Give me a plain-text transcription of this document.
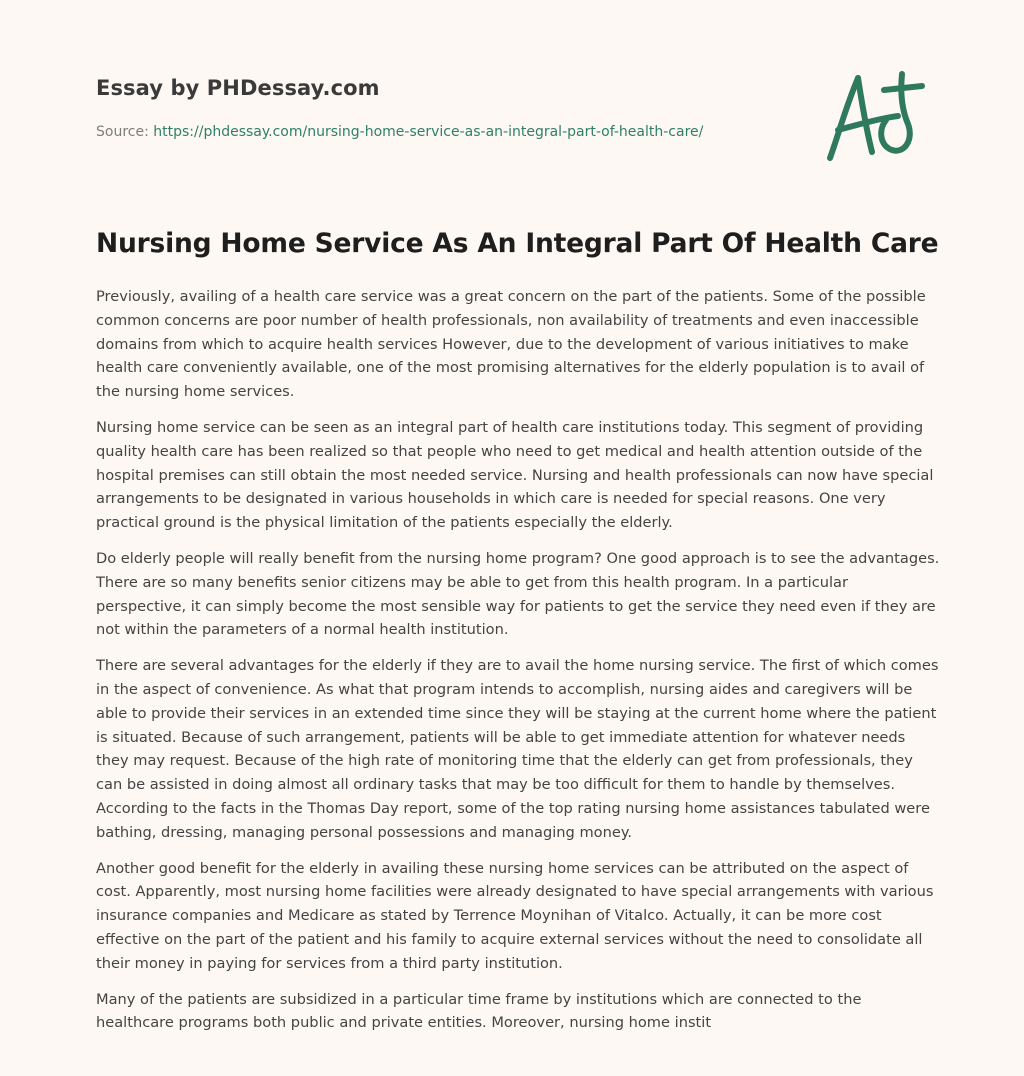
Essay by PHDessay.com
Source: https://phdessay.com/nursing-home-service-as-an-integral-part-of-health-care/
Nursing Home Service As An Integral Part Of Health Care

Previously, availing of a health care service was a great concern on the part of the patients. Some of the possible common concerns are poor number of health professionals, non availability of treatments and even inaccessible domains from which to acquire health services However, due to the development of various initiatives to make health care conveniently available, one of the most promising alternatives for the elderly population is to avail of the nursing home services.

Nursing home service can be seen as an integral part of health care institutions today. This segment of providing quality health care has been realized so that people who need to get medical and health attention outside of the hospital premises can still obtain the most needed service. Nursing and health professionals can now have special arrangements to be designated in various households in which care is needed for special reasons. One very practical ground is the physical limitation of the patients especially the elderly.

Do elderly people will really benefit from the nursing home program? One good approach is to see the advantages. There are so many benefits senior citizens may be able to get from this health program. In a particular perspective, it can simply become the most sensible way for patients to get the service they need even if they are not within the parameters of a normal health institution.

There are several advantages for the elderly if they are to avail the home nursing service. The first of which comes in the aspect of convenience. As what that program intends to accomplish, nursing aides and caregivers will be able to provide their services in an extended time since they will be staying at the current home where the patient is situated. Because of such arrangement, patients will be able to get immediate attention for whatever needs they may request. Because of the high rate of monitoring time that the elderly can get from professionals, they can be assisted in doing almost all ordinary tasks that may be too difficult for them to handle by themselves. According to the facts in the Thomas Day report, some of the top rating nursing home assistances tabulated were bathing, dressing, managing personal possessions and managing money.

Another good benefit for the elderly in availing these nursing home services can be attributed on the aspect of cost. Apparently, most nursing home facilities were already designated to have special arrangements with various insurance companies and Medicare as stated by Terrence Moynihan of Vitalco. Actually, it can be more cost effective on the part of the patient and his family to acquire external services without the need to consolidate all their money in paying for services from a third party institution.

Many of the patients are subsidized in a particular time frame by institutions which are connected to the healthcare programs both public and private entities. Moreover, nursing home instit
